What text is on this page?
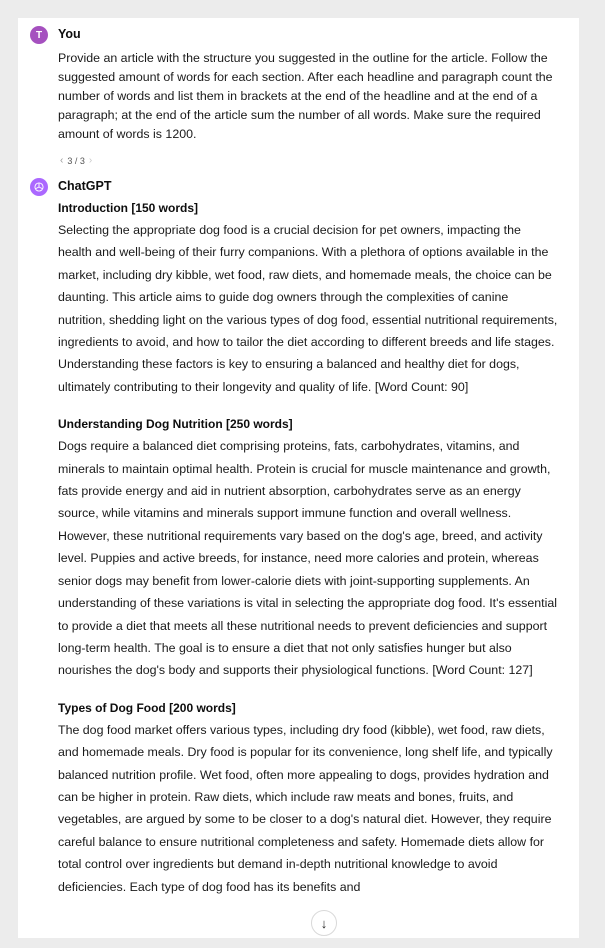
T You
Provide an article with the structure you suggested in the outline for the article. Follow the suggested amount of words for each section. After each headline and paragraph count the number of words and list them in brackets at the end of the headline and at the end of a paragraph; at the end of the article sum the number of all words. Make sure the required amount of words is 1200.
‹ 3 / 3 ›
ChatGPT

Introduction [150 words]

Selecting the appropriate dog food is a crucial decision for pet owners, impacting the health and well-being of their furry companions. With a plethora of options available in the market, including dry kibble, wet food, raw diets, and homemade meals, the choice can be daunting. This article aims to guide dog owners through the complexities of canine nutrition, shedding light on the various types of dog food, essential nutritional requirements, ingredients to avoid, and how to tailor the diet according to different breeds and life stages. Understanding these factors is key to ensuring a balanced and healthy diet for dogs, ultimately contributing to their longevity and quality of life. [Word Count: 90]

Understanding Dog Nutrition [250 words]

Dogs require a balanced diet comprising proteins, fats, carbohydrates, vitamins, and minerals to maintain optimal health. Protein is crucial for muscle maintenance and growth, fats provide energy and aid in nutrient absorption, carbohydrates serve as an energy source, while vitamins and minerals support immune function and overall wellness. However, these nutritional requirements vary based on the dog's age, breed, and activity level. Puppies and active breeds, for instance, need more calories and protein, whereas senior dogs may benefit from lower-calorie diets with joint-supporting supplements. An understanding of these variations is vital in selecting the appropriate dog food. It's essential to provide a diet that meets all these nutritional needs to prevent deficiencies and support long-term health. The goal is to ensure a diet that not only satisfies hunger but also nourishes the dog's body and supports their physiological functions. [Word Count: 127]

Types of Dog Food [200 words]

The dog food market offers various types, including dry food (kibble), wet food, raw diets, and homemade meals. Dry food is popular for its convenience, long shelf life, and typically balanced nutrition profile. Wet food, often more appealing to dogs, provides hydration and can be higher in protein. Raw diets, which include raw meats and bones, fruits, and vegetables, are argued by some to be closer to a dog's natural diet. However, they require careful balance to ensure nutritional completeness and safety. Homemade diets allow for total control over ingredients but demand in-depth nutritional knowledge to avoid deficiencies. Each type of dog food has its benefits and

↓
